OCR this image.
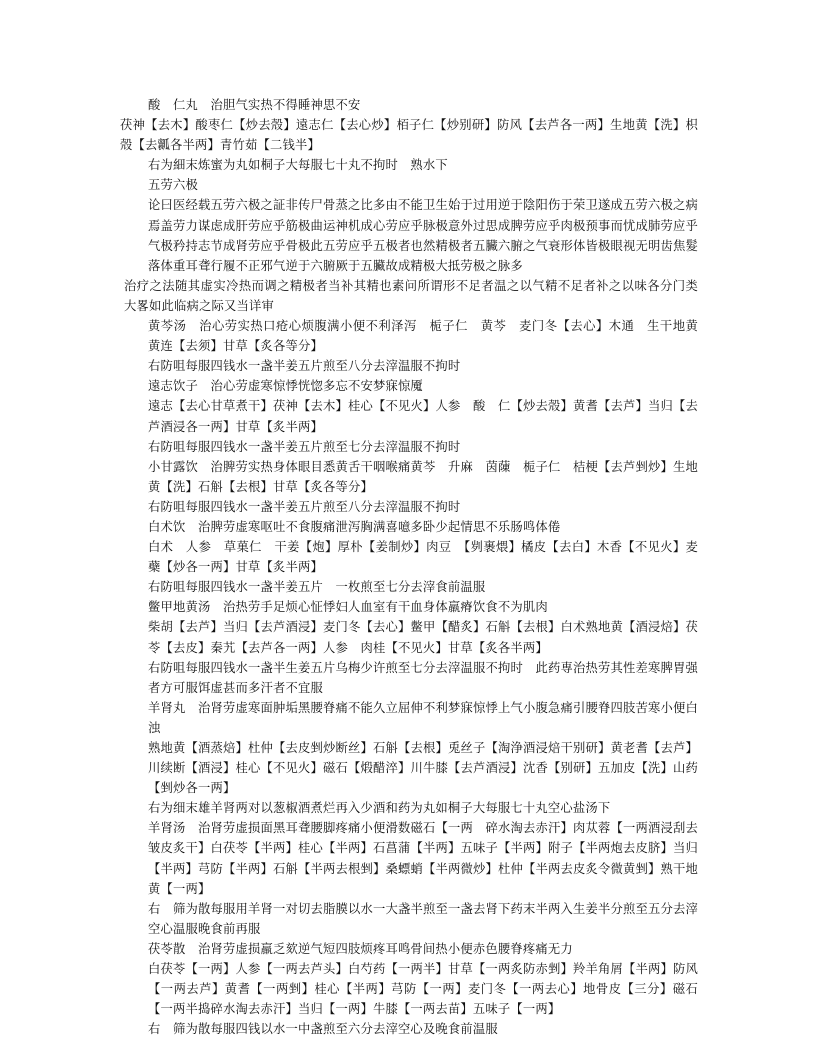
酸　仁丸　治胆气实热不得睡神思不安

茯神【去木】酸枣仁【炒去殼】遠志仁【去心炒】栢子仁【炒别研】防风【去芦各一两】生地黄【洗】枳殼【去瓤各半两】青竹茹【二钱半】

右为細末炼蜜为丸如桐子大每服七十丸不拘时　熟水下

五劳六极

论曰医经载五劳六极之証非传尸骨蒸之比多由不能卫生始于过用逆于陰阳伤于荣卫遂成五劳六极之病焉盖劳力谋虑成肝劳应乎筋极曲运神机成心劳应乎脉极意外过思成脾劳应乎肉极预事而忧成肺劳应乎气极矜持志节成肾劳应乎骨极此五劳应乎五极者也然精极者五臟六腑之气衰形体皆极眼视无明齿焦髮落体重耳聋行履不正邪气逆于六腑厥于五臟故成精极大抵劳极之脉多

治疗之法随其虚实冷热而调之精极者当补其精也素问所谓形不足者温之以气精不足者补之以味各分门类大畧如此临病之际又当详审

黄芩汤　治心劳实热口疮心烦腹满小便不利泽泻　栀子仁　黄芩　麦门冬【去心】木通　生干地黄　黄连【去须】甘草【炙各等分】

右防咀每服四钱水一盏半姜五片煎至八分去滓温服不拘时

遠志饮子　治心劳虚寒惊悸恍惚多忘不安梦寐惊魇

遠志【去心甘草煮干】茯神【去木】桂心【不见火】人参　酸　仁【炒去殼】黄耆【去芦】当归【去芦酒浸各一两】甘草【炙半两】

右防咀每服四钱水一盏半姜五片煎至七分去滓温服不拘时

小甘露饮　治脾劳实热身体眼目悉黄舌干咽喉痛黄芩　升麻　茵蔯　栀子仁　桔梗【去芦剉炒】生地黄【洗】石斛【去根】甘草【炙各等分】

右防咀每服四钱水一盏半姜五片煎至八分去滓温服不拘时

白术饮　治脾劳虚寒呕吐不食腹痛泄泻胸满喜噫多卧少起情思不乐肠鸣体倦

白术　人参　草菓仁　干姜【炮】厚朴【姜制炒】肉豆　【刿裹煨】橘皮【去白】木香【不见火】麦蘗【炒各一两】甘草【炙半两】

右防咀每服四钱水一盏半姜五片　一枚煎至七分去滓食前温服

鳖甲地黄汤　治热劳手足烦心怔悸妇人血室有干血身体羸瘠饮食不为肌肉

柴胡【去芦】当归【去芦酒浸】麦门冬【去心】鳖甲【醋炙】石斛【去根】白术熟地黄【酒浸焙】茯苓【去皮】秦艽【去芦各一两】人参　肉桂【不见火】甘草【炙各半两】

右防咀每服四钱水一盏半生姜五片乌梅少许煎至七分去滓温服不拘时　此药専治热劳其性差寒脾胃强者方可服饵虚甚而多汗者不宜服

羊肾丸　治肾劳虚寒面肿垢黑腰脊痛不能久立屈伸不利梦寐惊悸上气小腹急痛引腰脊四肢苦寒小便白浊

熟地黄【酒蒸焙】杜仲【去皮剉炒断丝】石斛【去根】兎丝子【淘浄酒浸焙干别研】黄老耆【去芦】川续断【酒浸】桂心【不见火】磁石【煅醋淬】川牛膝【去芦酒浸】沈香【别研】五加皮【洗】山药【剉炒各一两】

右为细末雄羊肾两对以葱椒酒煮烂再入少酒和药为丸如桐子大每服七十丸空心盐汤下

羊肾汤　治肾劳虚损面黑耳聋腰脚疼痛小便滑数磁石【一两　碎水淘去赤汗】肉苁蓉【一两酒浸刮去皱皮炙干】白茯苓【半两】桂心【半两】石菖蒲【半两】五味子【半两】附子【半两炮去皮脐】当归【半两】芎防【半两】石斛【半两去根剉】桑螵蛸【半两微炒】杜仲【半两去皮炙令微黄剉】熟干地黄【一两】

右　筛为散每服用羊肾一对切去脂膜以水一大盏半煎至一盏去肾下药末半两入生姜半分煎至五分去滓空心温服晚食前再服

茯苓散　治肾劳虚损羸乏欬逆气短四肢烦疼耳鸣骨间热小便赤色腰脊疼痛无力

白茯苓【一两】人参【一两去芦头】白芍药【一两半】甘草【一两炙防赤剉】羚羊角屑【半两】防风【一两去芦】黄耆【一两剉】桂心【半两】芎防【一两】麦门冬【一两去心】地骨皮【三分】磁石【一两半捣碎水淘去赤汗】当归【一两】牛膝【一两去苗】五味子【一两】

右　筛为散每服四钱以水一中盏煎至六分去滓空心及晚食前温服
